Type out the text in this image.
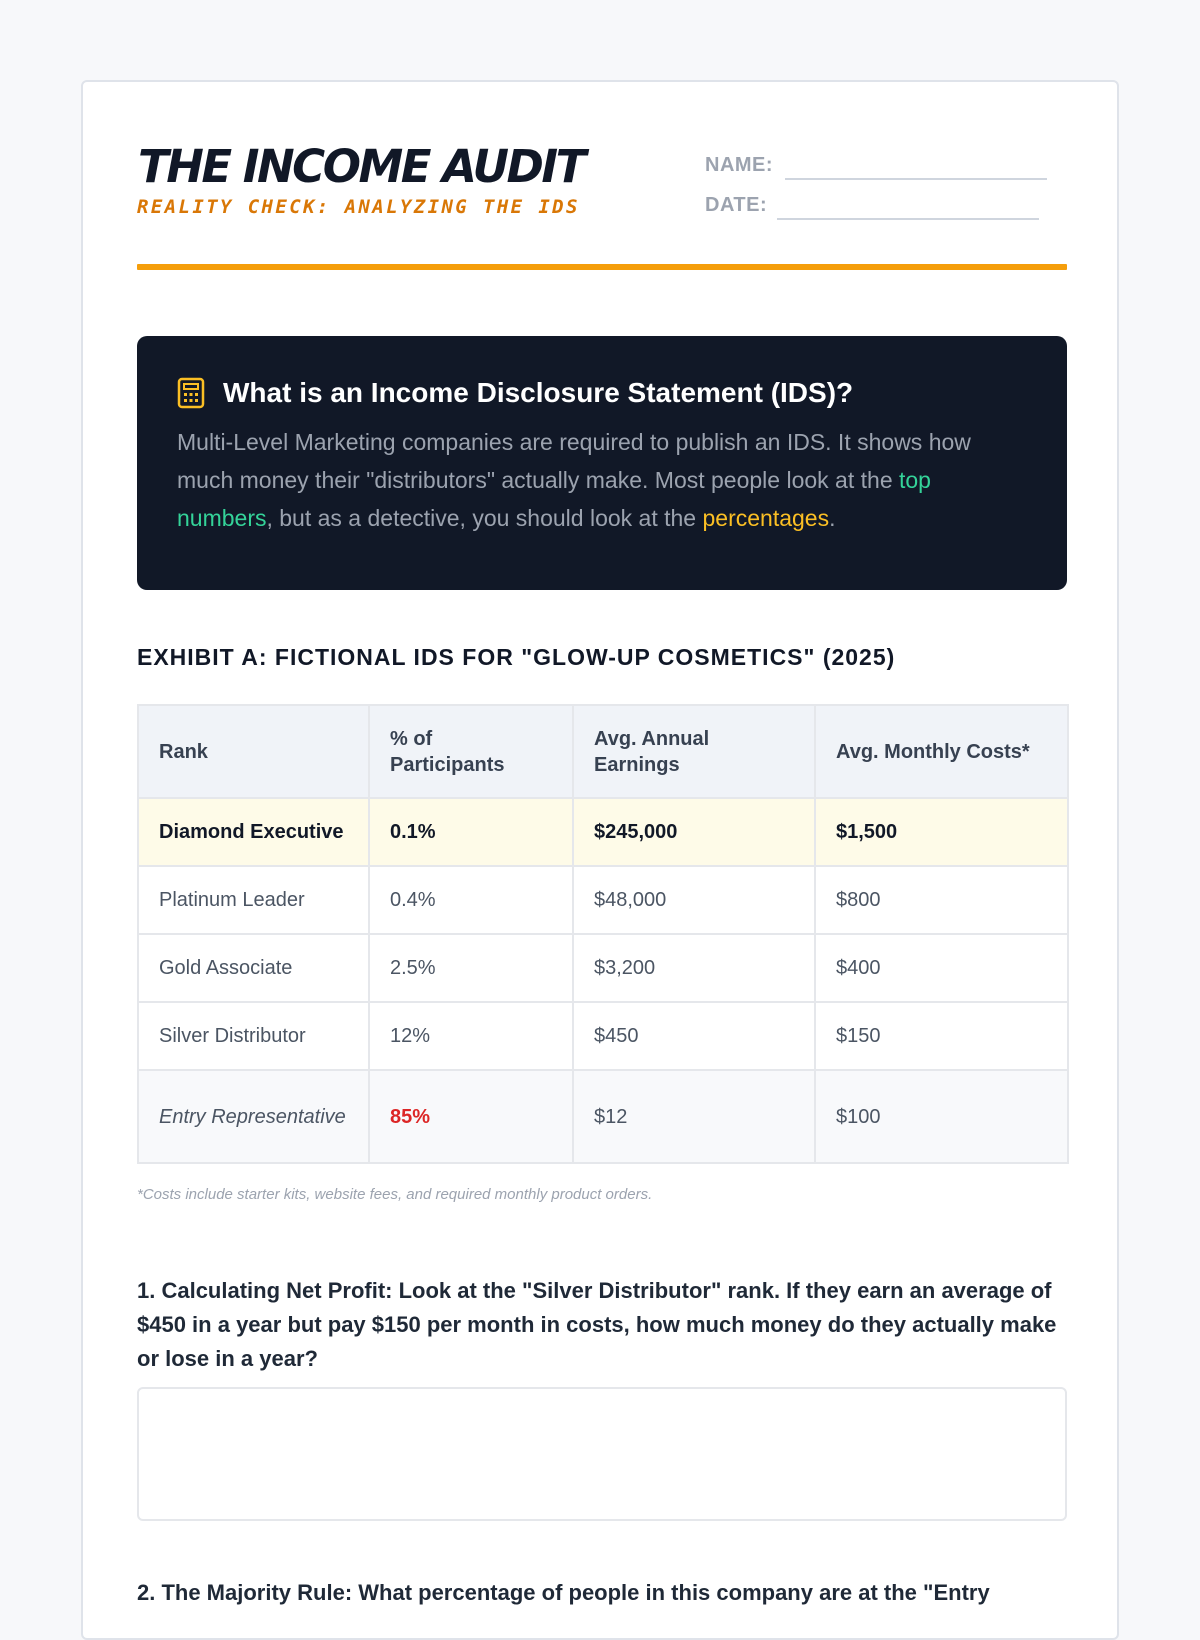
THE INCOME AUDIT
REALITY CHECK: ANALYZING THE IDS
NAME:
DATE:
What is an Income Disclosure Statement (IDS)?
Multi-Level Marketing companies are required to publish an IDS. It shows how much money their "distributors" actually make. Most people look at the top numbers, but as a detective, you should look at the percentages.
EXHIBIT A: FICTIONAL IDS FOR "GLOW-UP COSMETICS" (2025)
Rank	% of Participants	Avg. Annual Earnings	Avg. Monthly Costs*
Diamond Executive	0.1%	$245,000	$1,500
Platinum Leader	0.4%	$48,000	$800
Gold Associate	2.5%	$3,200	$400
Silver Distributor	12%	$450	$150
Entry Representative	85%	$12	$100
*Costs include starter kits, website fees, and required monthly product orders.

1. Calculating Net Profit: Look at the "Silver Distributor" rank. If they earn an average of $450 in a year but pay $150 per month in costs, how much money do they actually make or lose in a year?

2. The Majority Rule: What percentage of people in this company are at the "Entry
